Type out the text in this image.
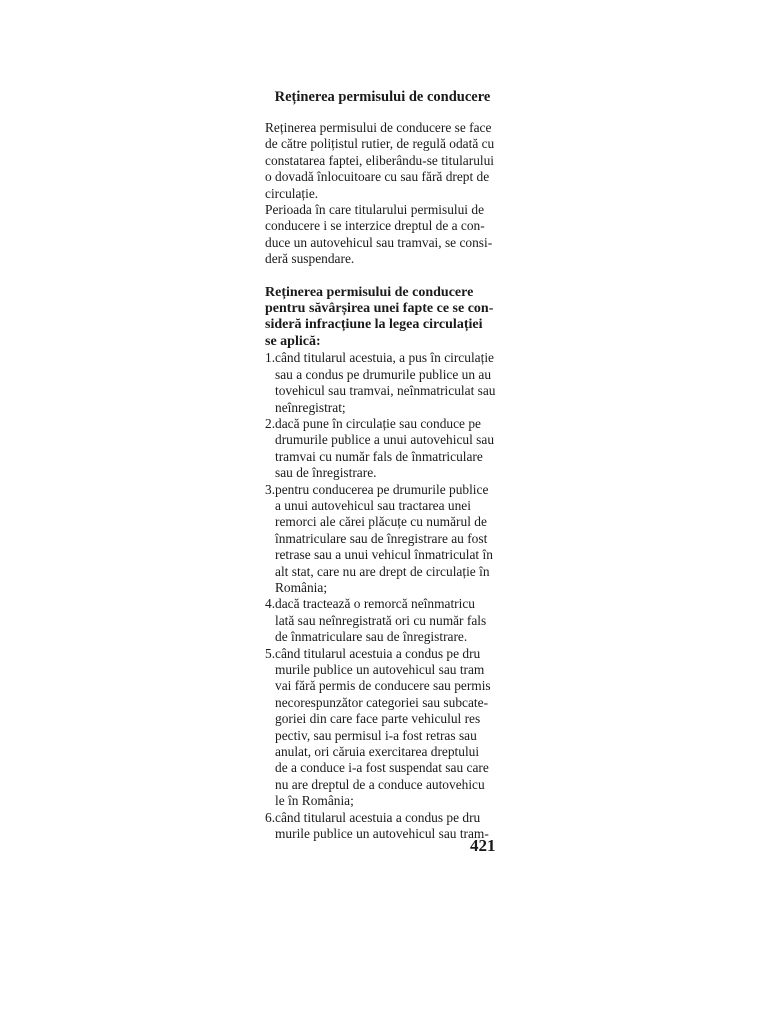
Reținerea permisului de conducere
Reținerea permisului de conducere se face
de către polițistul rutier, de regulă odată cu
constatarea faptei, eliberându-se titularului
o dovadă înlocuitoare cu sau fără drept de
circulație.
Perioada în care titularului permisului de
conducere i se interzice dreptul de a con-
duce un autovehicul sau tramvai, se consi-
deră suspendare.
Reținerea permisului de conducere
pentru săvârșirea unei fapte ce se con-
sideră infracțiune la legea circulației
se aplică:
1. când titularul acestuia, a pus în circulație
sau a condus pe drumurile publice un au
tovehicul sau tramvai, neînmatriculat sau
neînregistrat;
2. dacă pune în circulație sau conduce pe
drumurile publice a unui autovehicul sau
tramvai cu număr fals de înmatriculare
sau de înregistrare.
3. pentru conducerea pe drumurile publice
a unui autovehicul sau tractarea unei
remorci ale cărei plăcuțe cu numărul de
înmatriculare sau de înregistrare au fost
retrase sau a unui vehicul înmatriculat în
alt stat, care nu are drept de circulație în
România;
4. dacă tractează o remorcă neînmatricu
lată sau neînregistrată ori cu număr fals
de înmatriculare sau de înregistrare.
5. când titularul acestuia a condus pe dru
murile publice un autovehicul sau tram
vai fără permis de conducere sau permis
necorespunzător categoriei sau subcate-
goriei din care face parte vehiculul res
pectiv, sau permisul i-a fost retras sau
anulat, ori căruia exercitarea dreptului
de a conduce i-a fost suspendat sau care
nu are dreptul de a conduce autovehicu
le în România;
6. când titularul acestuia a condus pe dru
murile publice un autovehicul sau tram-
421
